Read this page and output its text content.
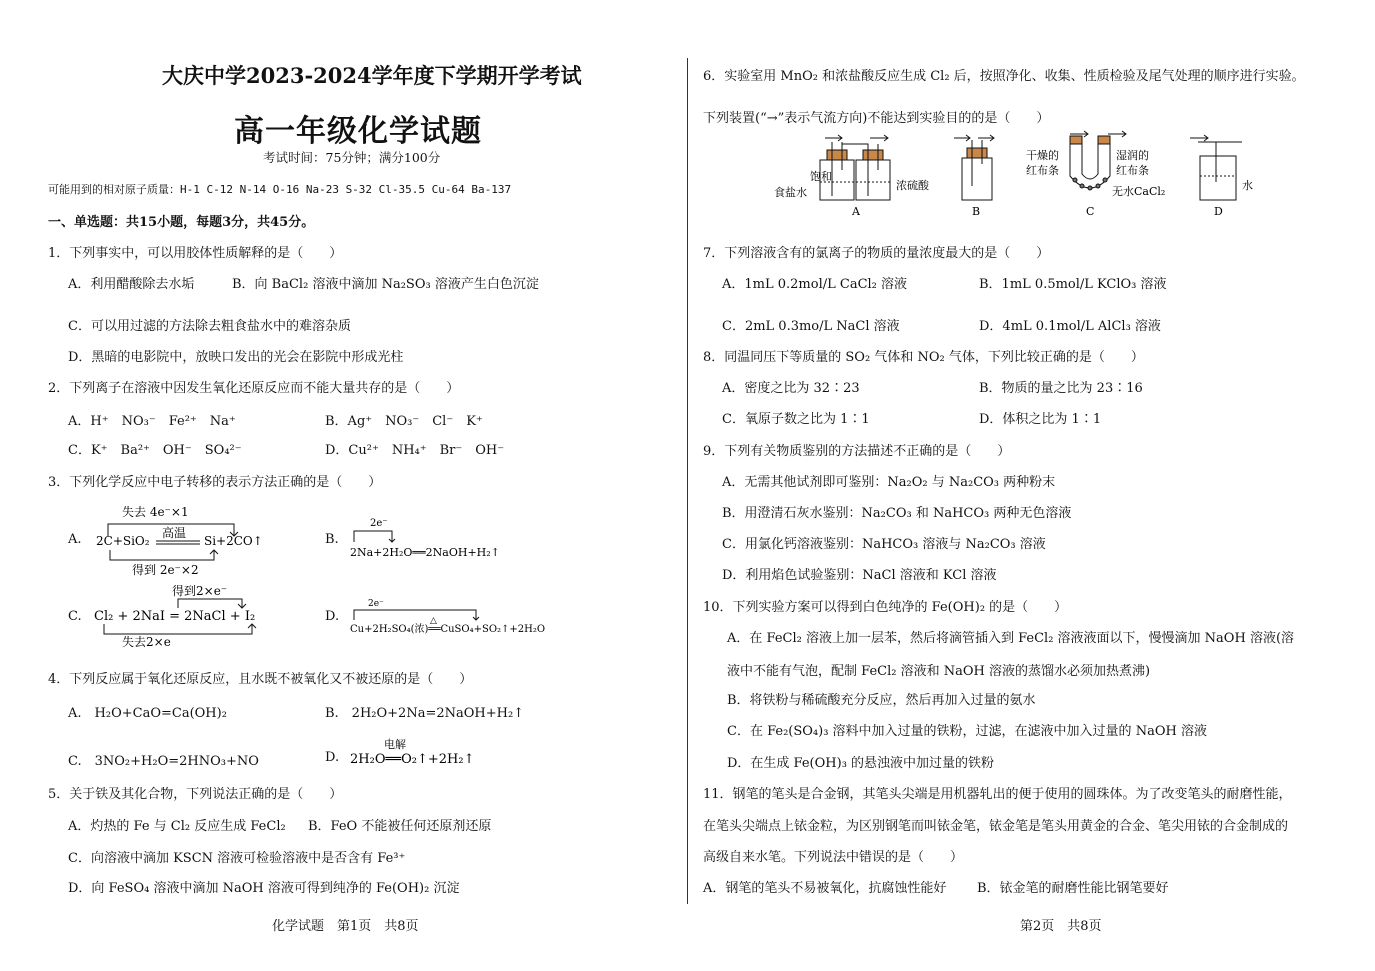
大庆中学2023-2024学年度下学期开学考试
高一年级化学试题
考试时间：75分钟；满分100分
可能用到的相对原子质量：H-1 C-12 N-14 O-16 Na-23 S-32 Cl-35.5 Cu-64 Ba-137
一、单选题：共15小题，每题3分，共45分。
1．下列事实中，可以用胶体性质解释的是（　　）
A．利用醋酸除去水垢	B．向 BaCl₂ 溶液中滴加 Na₂SO₃ 溶液产生白色沉淀
C．可以用过滤的方法除去粗食盐水中的难溶杂质
D．黑暗的电影院中，放映口发出的光会在影院中形成光柱
2．下列离子在溶液中因发生氧化还原反应而不能大量共存的是（　　）
A．H⁺　NO₃⁻　Fe²⁺　Na⁺	B．Ag⁺　NO₃⁻　Cl⁻　K⁺
C．K⁺　Ba²⁺　OH⁻　SO₄²⁻	D．Cu²⁺　NH₄⁺　Br⁻　OH⁻
3．下列化学反应中电子转移的表示方法正确的是（　　）
A.
失去 4e⁻×1
2C+SiO₂
高温
Si+2CO↑
得到 2e⁻×2
B.
2e⁻
2Na+2H₂O══2NaOH+H₂↑
C.
得到2×e⁻
Cl₂ + 2NaI = 2NaCl + I₂
失去2×e
D.
2e⁻
△
Cu+2H₂SO₄(浓)══CuSO₄+SO₂↑+2H₂O
4．下列反应属于氧化还原反应，且水既不被氧化又不被还原的是（　　）
A.　H₂O+CaO=Ca(OH)₂	B.　2H₂O+2Na=2NaOH+H₂↑
C.　3NO₂+H₂O=2HNO₃+NO	D.
电解
2H₂O══O₂↑+2H₂↑
5．关于铁及其化合物，下列说法正确的是（　　）
A．灼热的 Fe 与 Cl₂ 反应生成 FeCl₂ B．FeO 不能被任何还原剂还原
C．向溶液中滴加 KSCN 溶液可检验溶液中是否含有 Fe³⁺
D．向 FeSO₄ 溶液中滴加 NaOH 溶液可得到纯净的 Fe(OH)₂ 沉淀
化学试题　第1页　共8页
6．实验室用 MnO₂ 和浓盐酸反应生成 Cl₂ 后，按照净化、收集、性质检验及尾气处理的顺序进行实验。
下列装置(“→”表示气流方向)不能达到实验目的的是（　　）
饱和
食盐水
浓硫酸
A	B
干燥的
红布条
湿润的
红布条
无水CaCl₂
C
水
D
7．下列溶液含有的氯离子的物质的量浓度最大的是（　　）
A．1mL 0.2mol/L CaCl₂ 溶液	B．1mL 0.5mol/L KClO₃ 溶液
C．2mL 0.3mo/L NaCl 溶液	D．4mL 0.1mol/L AlCl₃ 溶液
8．同温同压下等质量的 SO₂ 气体和 NO₂ 气体，下列比较正确的是（　　）
A．密度之比为 32∶23	B．物质的量之比为 23∶16
C．氧原子数之比为 1∶1	D．体积之比为 1∶1
9．下列有关物质鉴别的方法描述不正确的是（　　）
A．无需其他试剂即可鉴别：Na₂O₂ 与 Na₂CO₃ 两种粉末
B．用澄清石灰水鉴别：Na₂CO₃ 和 NaHCO₃ 两种无色溶液
C．用氯化钙溶液鉴别：NaHCO₃ 溶液与 Na₂CO₃ 溶液
D．利用焰色试验鉴别：NaCl 溶液和 KCl 溶液
10．下列实验方案可以得到白色纯净的 Fe(OH)₂ 的是（　　）
A．在 FeCl₂ 溶液上加一层苯，然后将滴管插入到 FeCl₂ 溶液液面以下，慢慢滴加 NaOH 溶液(溶
液中不能有气泡，配制 FeCl₂ 溶液和 NaOH 溶液的蒸馏水必须加热煮沸)
B．将铁粉与稀硫酸充分反应，然后再加入过量的氨水
C．在 Fe₂(SO₄)₃ 溶料中加入过量的铁粉，过滤，在滤液中加入过量的 NaOH 溶液
D．在生成 Fe(OH)₃ 的悬浊液中加过量的铁粉
11．钢笔的笔头是合金钢，其笔头尖端是用机器轧出的便于使用的圆珠体。为了改变笔头的耐磨性能，
在笔头尖端点上铱金粒，为区别钢笔而叫铱金笔，铱金笔是笔头用黄金的合金、笔尖用铱的合金制成的
高级自来水笔。下列说法中错误的是（　　）
A．钢笔的笔头不易被氧化，抗腐蚀性能好 B．铱金笔的耐磨性能比钢笔要好
第2页　共8页
